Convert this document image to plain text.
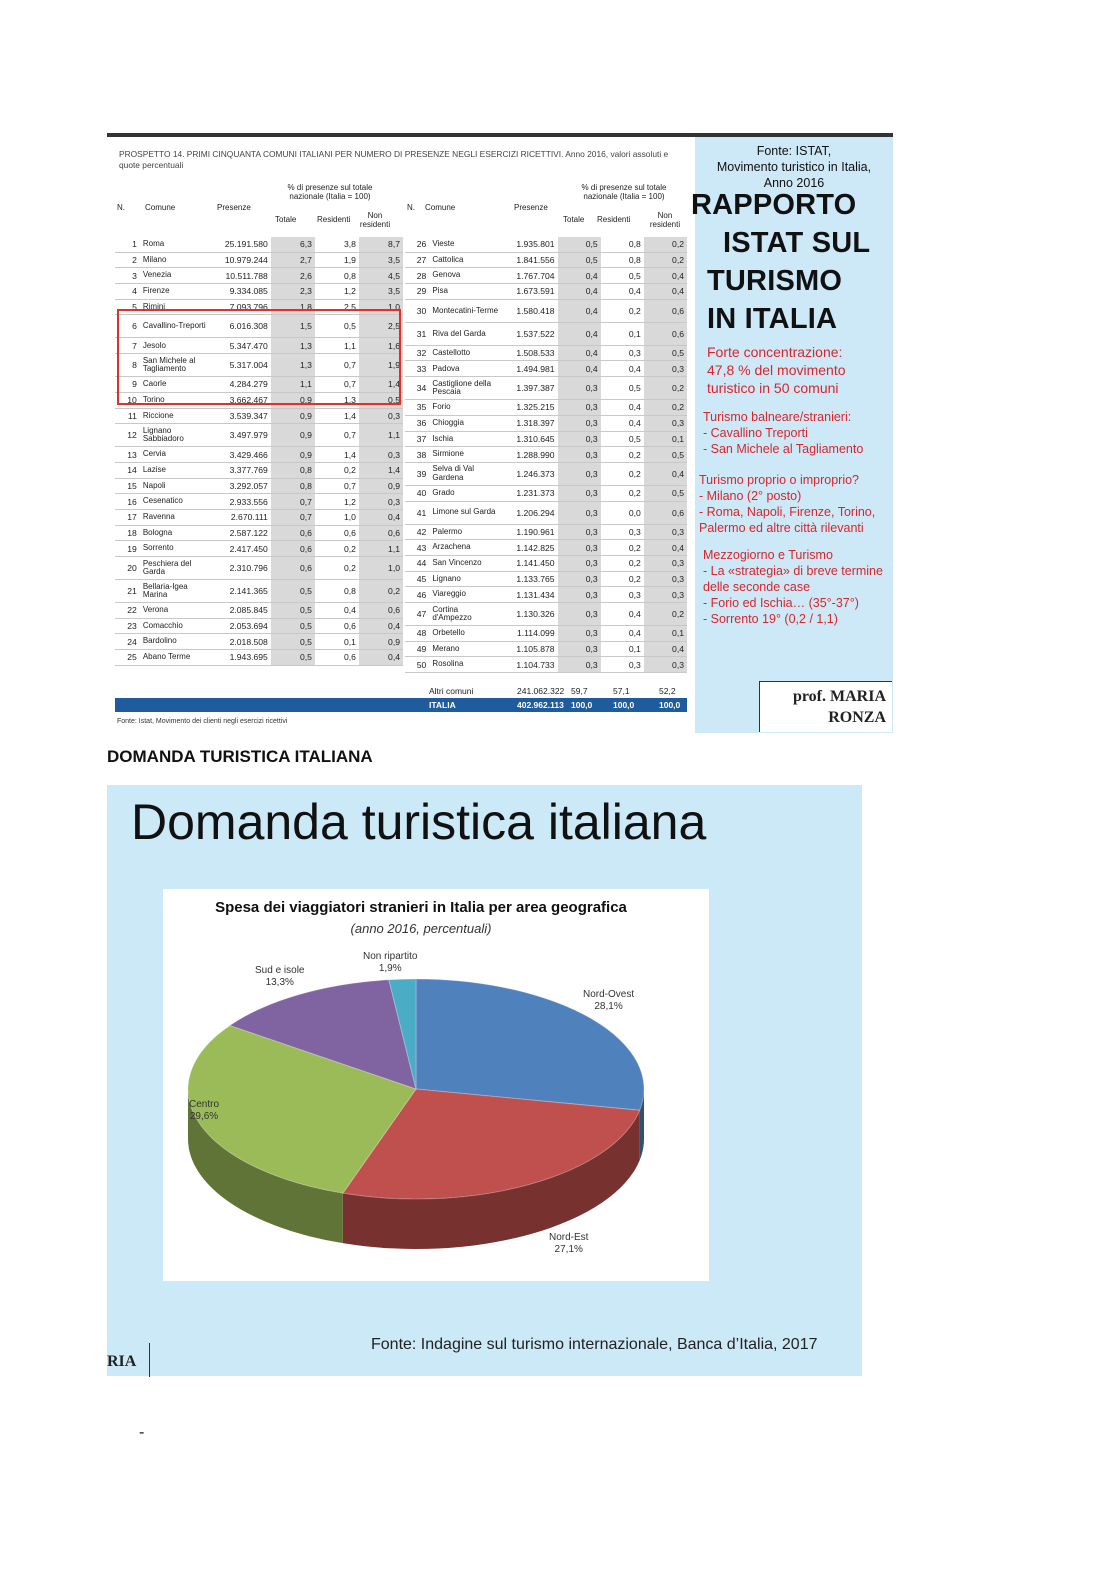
PROSPETTO 14. PRIMI CINQUANTA COMUNI ITALIANI PER NUMERO DI PRESENZE NEGLI ESERCIZI RICETTIVI. Anno 2016, valori assoluti e quote percentuali
N.	Comune	Presenze
% di presenze sul totale nazionale (Italia = 100)
Totale	Residenti	Non residenti
N. Comune	Presenze
% di presenze sul totale nazionale (Italia = 100)
Totale Residenti	Non residenti
1	Roma	25.191.580	6,3	3,8	8,7
2	Milano	10.979.244	2,7	1,9	3,5
3	Venezia	10.511.788	2,6	0,8	4,5
4	Firenze	9.334.085	2,3	1,2	3,5
5	Rimini	7.093.796	1,8	2,5	1,0
6	Cavallino-Treporti	6.016.308	1,5	0,5	2,5
7	Jesolo	5.347.470	1,3	1,1	1,6
8	San Michele al Tagliamento	5.317.004	1,3	0,7	1,9
9	Caorle	4.284.279	1,1	0,7	1,4
10	Torino	3.662.467	0,9	1,3	0,5
11	Riccione	3.539.347	0,9	1,4	0,3
12	Lignano Sabbiadoro	3.497.979	0,9	0,7	1,1
13	Cervia	3.429.466	0,9	1,4	0,3
14	Lazise	3.377.769	0,8	0,2	1,4
15	Napoli	3.292.057	0,8	0,7	0,9
16	Cesenatico	2.933.556	0,7	1,2	0,3
17	Ravenna	2.670.111	0,7	1,0	0,4
18	Bologna	2.587.122	0,6	0,6	0,6
19	Sorrento	2.417.450	0,6	0,2	1,1
20	Peschiera del Garda	2.310.796	0,6	0,2	1,0
21	Bellaria-Igea Marina	2.141.365	0,5	0,8	0,2
22	Verona	2.085.845	0,5	0,4	0,6
23	Comacchio	2.053.694	0,5	0,6	0,4
24	Bardolino	2.018.508	0,5	0,1	0,9
25	Abano Terme	1.943.695	0,5	0,6	0,4
26	Vieste	1.935.801	0,5	0,8	0,2
27	Cattolica	1.841.556	0,5	0,8	0,2
28	Genova	1.767.704	0,4	0,5	0,4
29	Pisa	1.673.591	0,4	0,4	0,4
30	Montecatini-Terme	1.580.418	0,4	0,2	0,6
31	Riva del Garda	1.537.522	0,4	0,1	0,6
32	Castellotto	1.508.533	0,4	0,3	0,5
33	Padova	1.494.981	0,4	0,4	0,3
34	Castiglione della Pescaia	1.397.387	0,3	0,5	0,2
35	Forio	1.325.215	0,3	0,4	0,2
36	Chioggia	1.318.397	0,3	0,4	0,3
37	Ischia	1.310.645	0,3	0,5	0,1
38	Sirmione	1.288.990	0,3	0,2	0,5
39	Selva di Val Gardena	1.246.373	0,3	0,2	0,4
40	Grado	1.231.373	0,3	0,2	0,5
41	Limone sul Garda	1.206.294	0,3	0,0	0,6
42	Palermo	1.190.961	0,3	0,3	0,3
43	Arzachena	1.142.825	0,3	0,2	0,4
44	San Vincenzo	1.141.450	0,3	0,2	0,3
45	Lignano	1.133.765	0,3	0,2	0,3
46	Viareggio	1.131.434	0,3	0,3	0,3
47	Cortina d'Ampezzo	1.130.326	0,3	0,4	0,2
48	Orbetello	1.114.099	0,3	0,4	0,1
49	Merano	1.105.878	0,3	0,1	0,4
50	Rosolina	1.104.733	0,3	0,3	0,3
Altri comuni	241.062.322 59,7	57,1	52,2
ITALIA	402.962.113 100,0 100,0	100,0
Fonte: Istat, Movimento dei clienti negli esercizi ricettivi
Fonte: ISTAT,
Movimento turistico in Italia,
Anno 2016
RAPPORTO
ISTAT SUL
TURISMO
IN ITALIA
Forte concentrazione:
47,8 % del movimento
turistico in 50 comuni
Turismo balneare/stranieri:
- Cavallino Treporti
- San Michele al Tagliamento
Turismo proprio o improprio?
- Milano (2° posto)
- Roma, Napoli, Firenze, Torino,
Palermo ed altre città rilevanti
Mezzogiorno e Turismo
- La «strategia» di breve termine
delle seconde case
- Forio ed Ischia… (35°-37°)
- Sorrento 19° (0,2 / 1,1)
prof. MARIA
RONZA
DOMANDA TURISTICA ITALIANA
Domanda turistica italiana
Spesa dei viaggiatori stranieri in Italia per area geografica
(anno 2016, percentuali)
Nord-Ovest
28,1%
Nord-Est
27,1%
Centro
29,6%
Sud e isole
13,3%
Non ripartito
1,9%
Fonte: Indagine sul turismo internazionale, Banca d’Italia, 2017
RIA
-
